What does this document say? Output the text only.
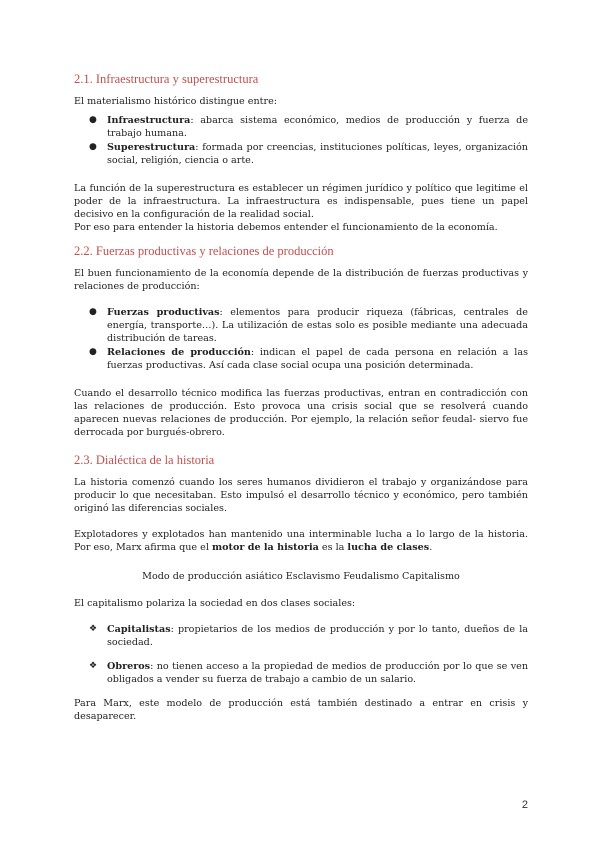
2.1. Infraestructura y superestructura

El materialismo histórico distingue entre:

● Infraestructura: abarca sistema económico, medios de producción y fuerza de trabajo humana.
● Superestructura: formada por creencias, instituciones políticas, leyes, organización social, religión, ciencia o arte.

La función de la superestructura es establecer un régimen jurídico y político que legitime el poder de la infraestructura. La infraestructura es indispensable, pues tiene un papel decisivo en la configuración de la realidad social.

Por eso para entender la historia debemos entender el funcionamiento de la economía.

2.2. Fuerzas productivas y relaciones de producción

El buen funcionamiento de la economía depende de la distribución de fuerzas productivas y relaciones de producción:

● Fuerzas productivas: elementos para producir riqueza (fábricas, centrales de energía, transporte…). La utilización de estas solo es posible mediante una adecuada distribución de tareas.
● Relaciones de producción: indican el papel de cada persona en relación a las fuerzas productivas. Así cada clase social ocupa una posición determinada.

Cuando el desarrollo técnico modifica las fuerzas productivas, entran en contradicción con las relaciones de producción. Esto provoca una crisis social que se resolverá cuando aparecen nuevas relaciones de producción. Por ejemplo, la relación señor feudal- siervo fue derrocada por burgués-obrero.

2.3. Dialéctica de la historia

La historia comenzó cuando los seres humanos dividieron el trabajo y organizándose para producir lo que necesitaban. Esto impulsó el desarrollo técnico y económico, pero también originó las diferencias sociales.

Explotadores y explotados han mantenido una interminable lucha a lo largo de la historia. Por eso, Marx afirma que el motor de la historia es la lucha de clases.

Modo de producción asiático Esclavismo Feudalismo Capitalismo

El capitalismo polariza la sociedad en dos clases sociales:

❖ Capitalistas: propietarios de los medios de producción y por lo tanto, dueños de la sociedad.
❖ Obreros: no tienen acceso a la propiedad de medios de producción por lo que se ven obligados a vender su fuerza de trabajo a cambio de un salario.

Para Marx, este modelo de producción está también destinado a entrar en crisis y desaparecer.

2
